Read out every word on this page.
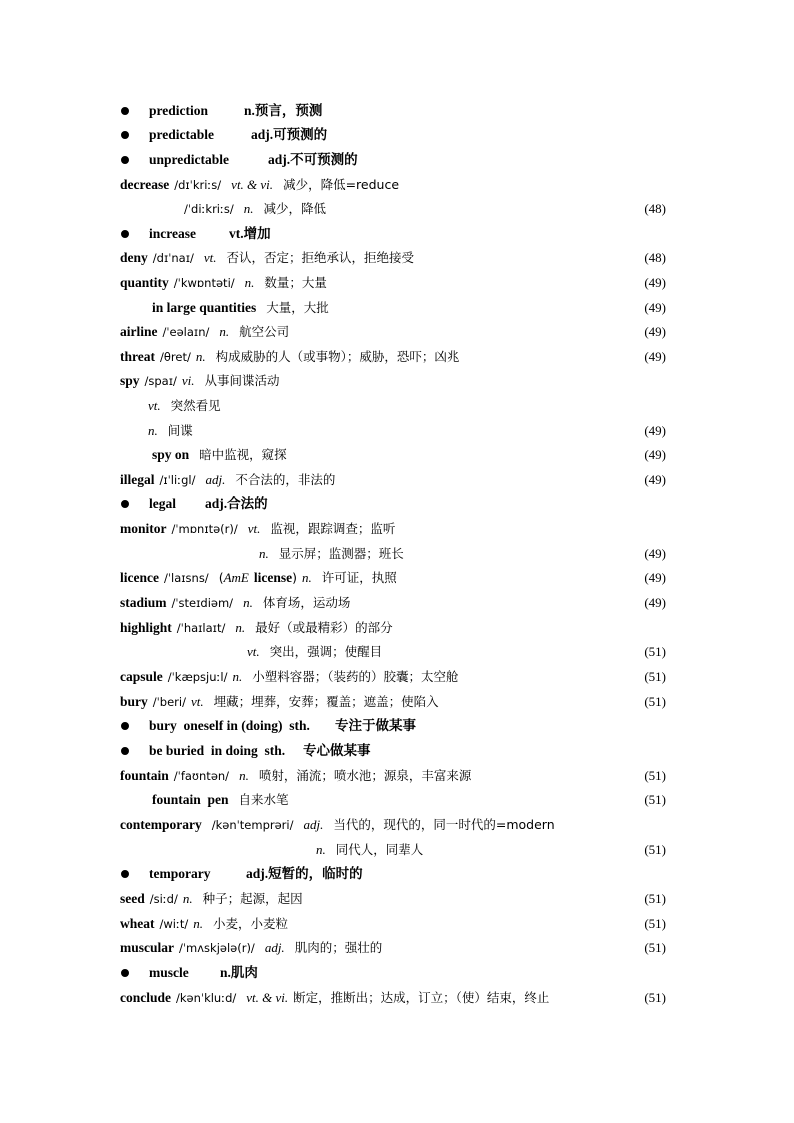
prediction	n.预言，预测
predictable	adj.可预测的
unpredictable	adj.不可预测的
decrease /dɪˈkriːs/ vt. & vi. 减少，降低=reduce
/ˈdiːkriːs/ n. 减少，降低	(48)
increase vt.增加
deny /dɪˈnaɪ/ vt. 否认，否定；拒绝承认，拒绝接受	(48)
quantity /ˈkwɒntəti/ n. 数量；大量	(49)
in large quantities 大量，大批	(49)
airline /ˈeəlaɪn/ n. 航空公司	(49)
threat /θret/ n. 构成威胁的人（或事物）；威胁，恐吓；凶兆	(49)
spy /spaɪ/ vi. 从事间谍活动
vt. 突然看见
n. 间谍	(49)
spy on 暗中监视，窥探	(49)
illegal /ɪˈliːgl/ adj. 不合法的，非法的	(49)
legal adj.合法的
monitor /ˈmɒnɪtə(r)/ vt. 监视，跟踪调查；监听
n. 显示屏；监测器；班长	(49)
licence /ˈlaɪsns/ (AmE license) n. 许可证，执照	(49)
stadium /ˈsteɪdiəm/ n. 体育场，运动场	(49)
highlight /ˈhaɪlaɪt/ n. 最好（或最精彩）的部分
vt. 突出，强调；使醒目	(51)
capsule /ˈkæpsjuːl/ n. 小塑料容器；（装药的）胶囊；太空舱	(51)
bury /ˈberi/ vt. 埋藏；埋葬，安葬；覆盖；遮盖；使陷入	(51)
bury  oneself in (doing)  sth. 专注于做某事
be buried  in doing  sth. 专心做某事
fountain /ˈfaʊntən/ n. 喷射，涌流；喷水池；源泉，丰富来源	(51)
fountain  pen 自来水笔	(51)
contemporary /kənˈtemprəri/ adj. 当代的，现代的，同一时代的=modern
n. 同代人，同辈人	(51)
temporary	adj.短暂的，临时的
seed /siːd/ n. 种子；起源，起因	(51)
wheat /wiːt/ n. 小麦，小麦粒	(51)
muscular /ˈmʌskjələ(r)/ adj. 肌肉的；强壮的	(51)
muscle n.肌肉
conclude /kənˈkluːd/ vt. & vi. 断定，推断出；达成，订立；（使）结束，终止	(51)
